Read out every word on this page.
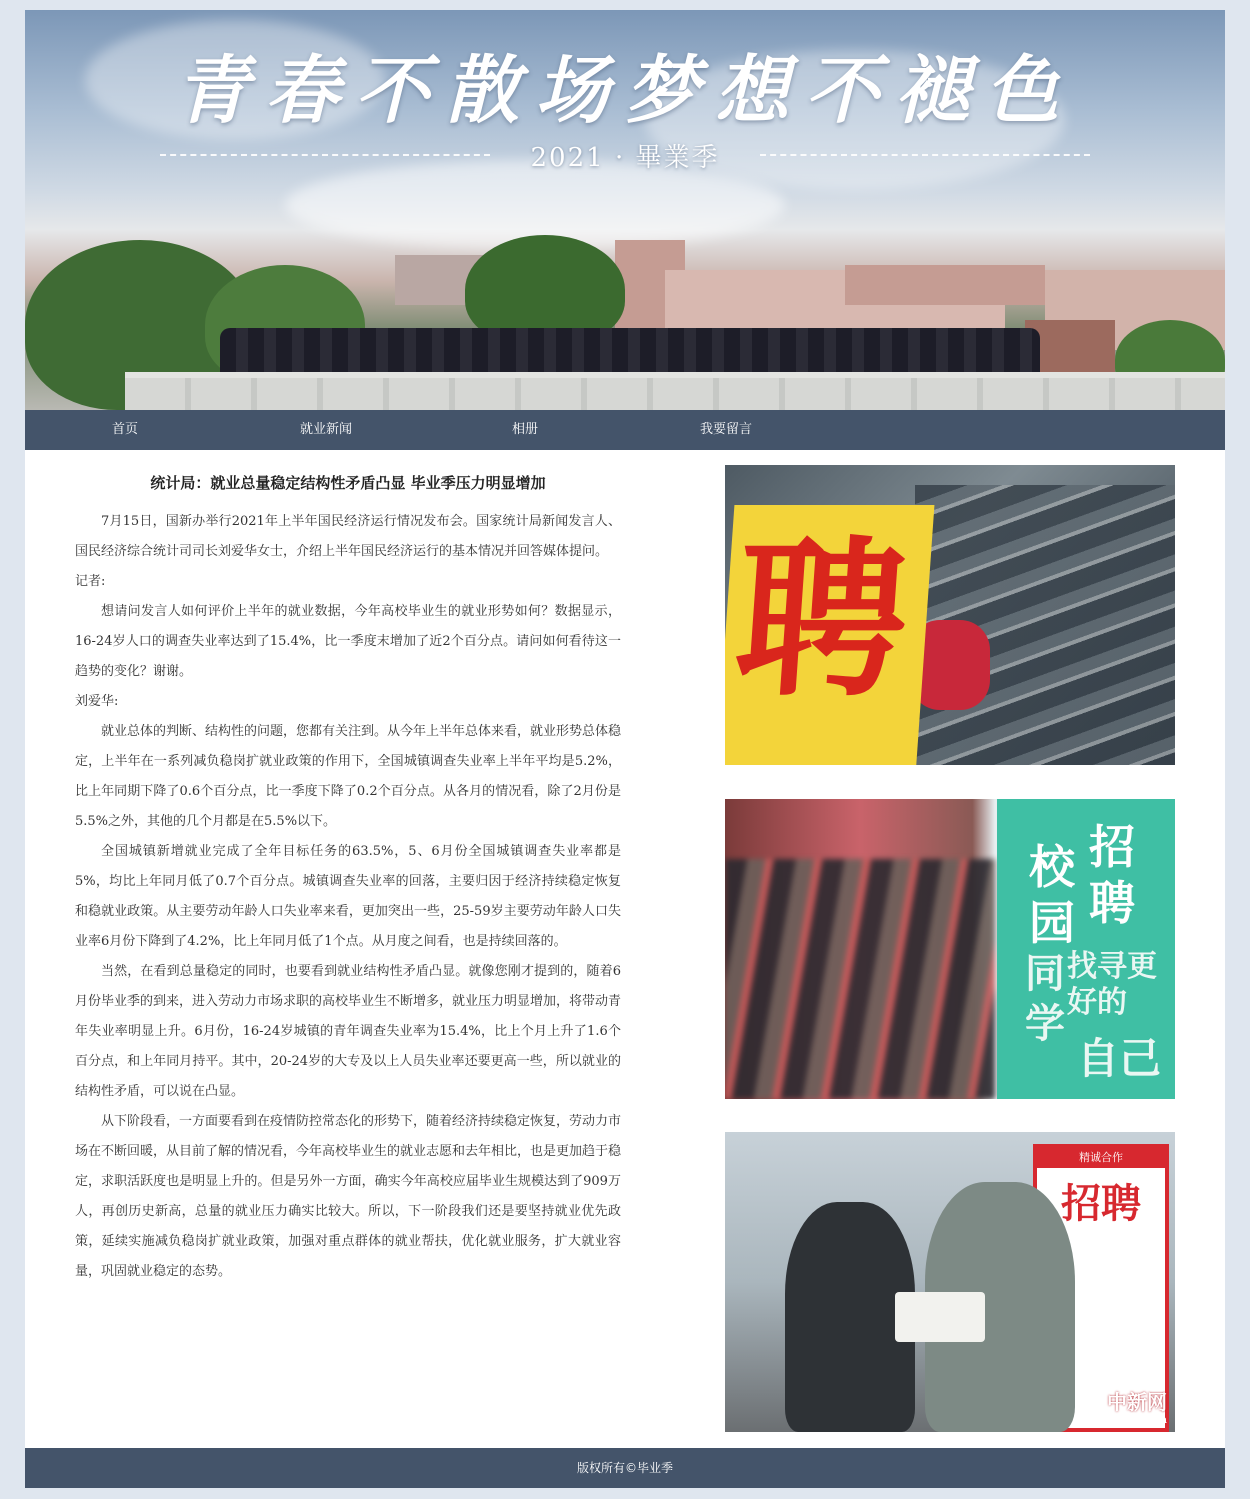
青春不散场梦想不褪色
2021 · 畢業季
首页	就业新闻	相册	我要留言
统计局：就业总量稳定结构性矛盾凸显 毕业季压力明显增加

7月15日，国新办举行2021年上半年国民经济运行情况发布会。国家统计局新闻发言人、国民经济综合统计司司长刘爱华女士，介绍上半年国民经济运行的基本情况并回答媒体提问。

记者:

想请问发言人如何评价上半年的就业数据，今年高校毕业生的就业形势如何？数据显示，16-24岁人口的调查失业率达到了15.4%，比一季度末增加了近2个百分点。请问如何看待这一趋势的变化？谢谢。

刘爱华:

就业总体的判断、结构性的问题，您都有关注到。从今年上半年总体来看，就业形势总体稳定，上半年在一系列减负稳岗扩就业政策的作用下，全国城镇调查失业率上半年平均是5.2%，比上年同期下降了0.6个百分点，比一季度下降了0.2个百分点。从各月的情况看，除了2月份是5.5%之外，其他的几个月都是在5.5%以下。

全国城镇新增就业完成了全年目标任务的63.5%，5、6月份全国城镇调查失业率都是5%，均比上年同月低了0.7个百分点。城镇调查失业率的回落，主要归因于经济持续稳定恢复和稳就业政策。从主要劳动年龄人口失业率来看，更加突出一些，25-59岁主要劳动年龄人口失业率6月份下降到了4.2%，比上年同月低了1个点。从月度之间看，也是持续回落的。

当然，在看到总量稳定的同时，也要看到就业结构性矛盾凸显。就像您刚才提到的，随着6月份毕业季的到来，进入劳动力市场求职的高校毕业生不断增多，就业压力明显增加，将带动青年失业率明显上升。6月份，16-24岁城镇的青年调查失业率为15.4%，比上个月上升了1.6个百分点，和上年同月持平。其中，20-24岁的大专及以上人员失业率还要更高一些，所以就业的结构性矛盾，可以说在凸显。

从下阶段看，一方面要看到在疫情防控常态化的形势下，随着经济持续稳定恢复，劳动力市场在不断回暖，从目前了解的情况看，今年高校毕业生的就业志愿和去年相比，也是更加趋于稳定，求职活跃度也是明显上升的。但是另外一方面，确实今年高校应届毕业生规模达到了909万人，再创历史新高，总量的就业压力确实比较大。所以，下一阶段我们还是要坚持就业优先政策，延续实施减负稳岗扩就业政策，加强对重点群体的就业帮扶，优化就业服务，扩大就业容量，巩固就业稳定的态势。

聘
校园
招聘
同学
找寻更好的
自己
精诚合作
招聘
中新网
Chinanews.com
版权所有©毕业季
